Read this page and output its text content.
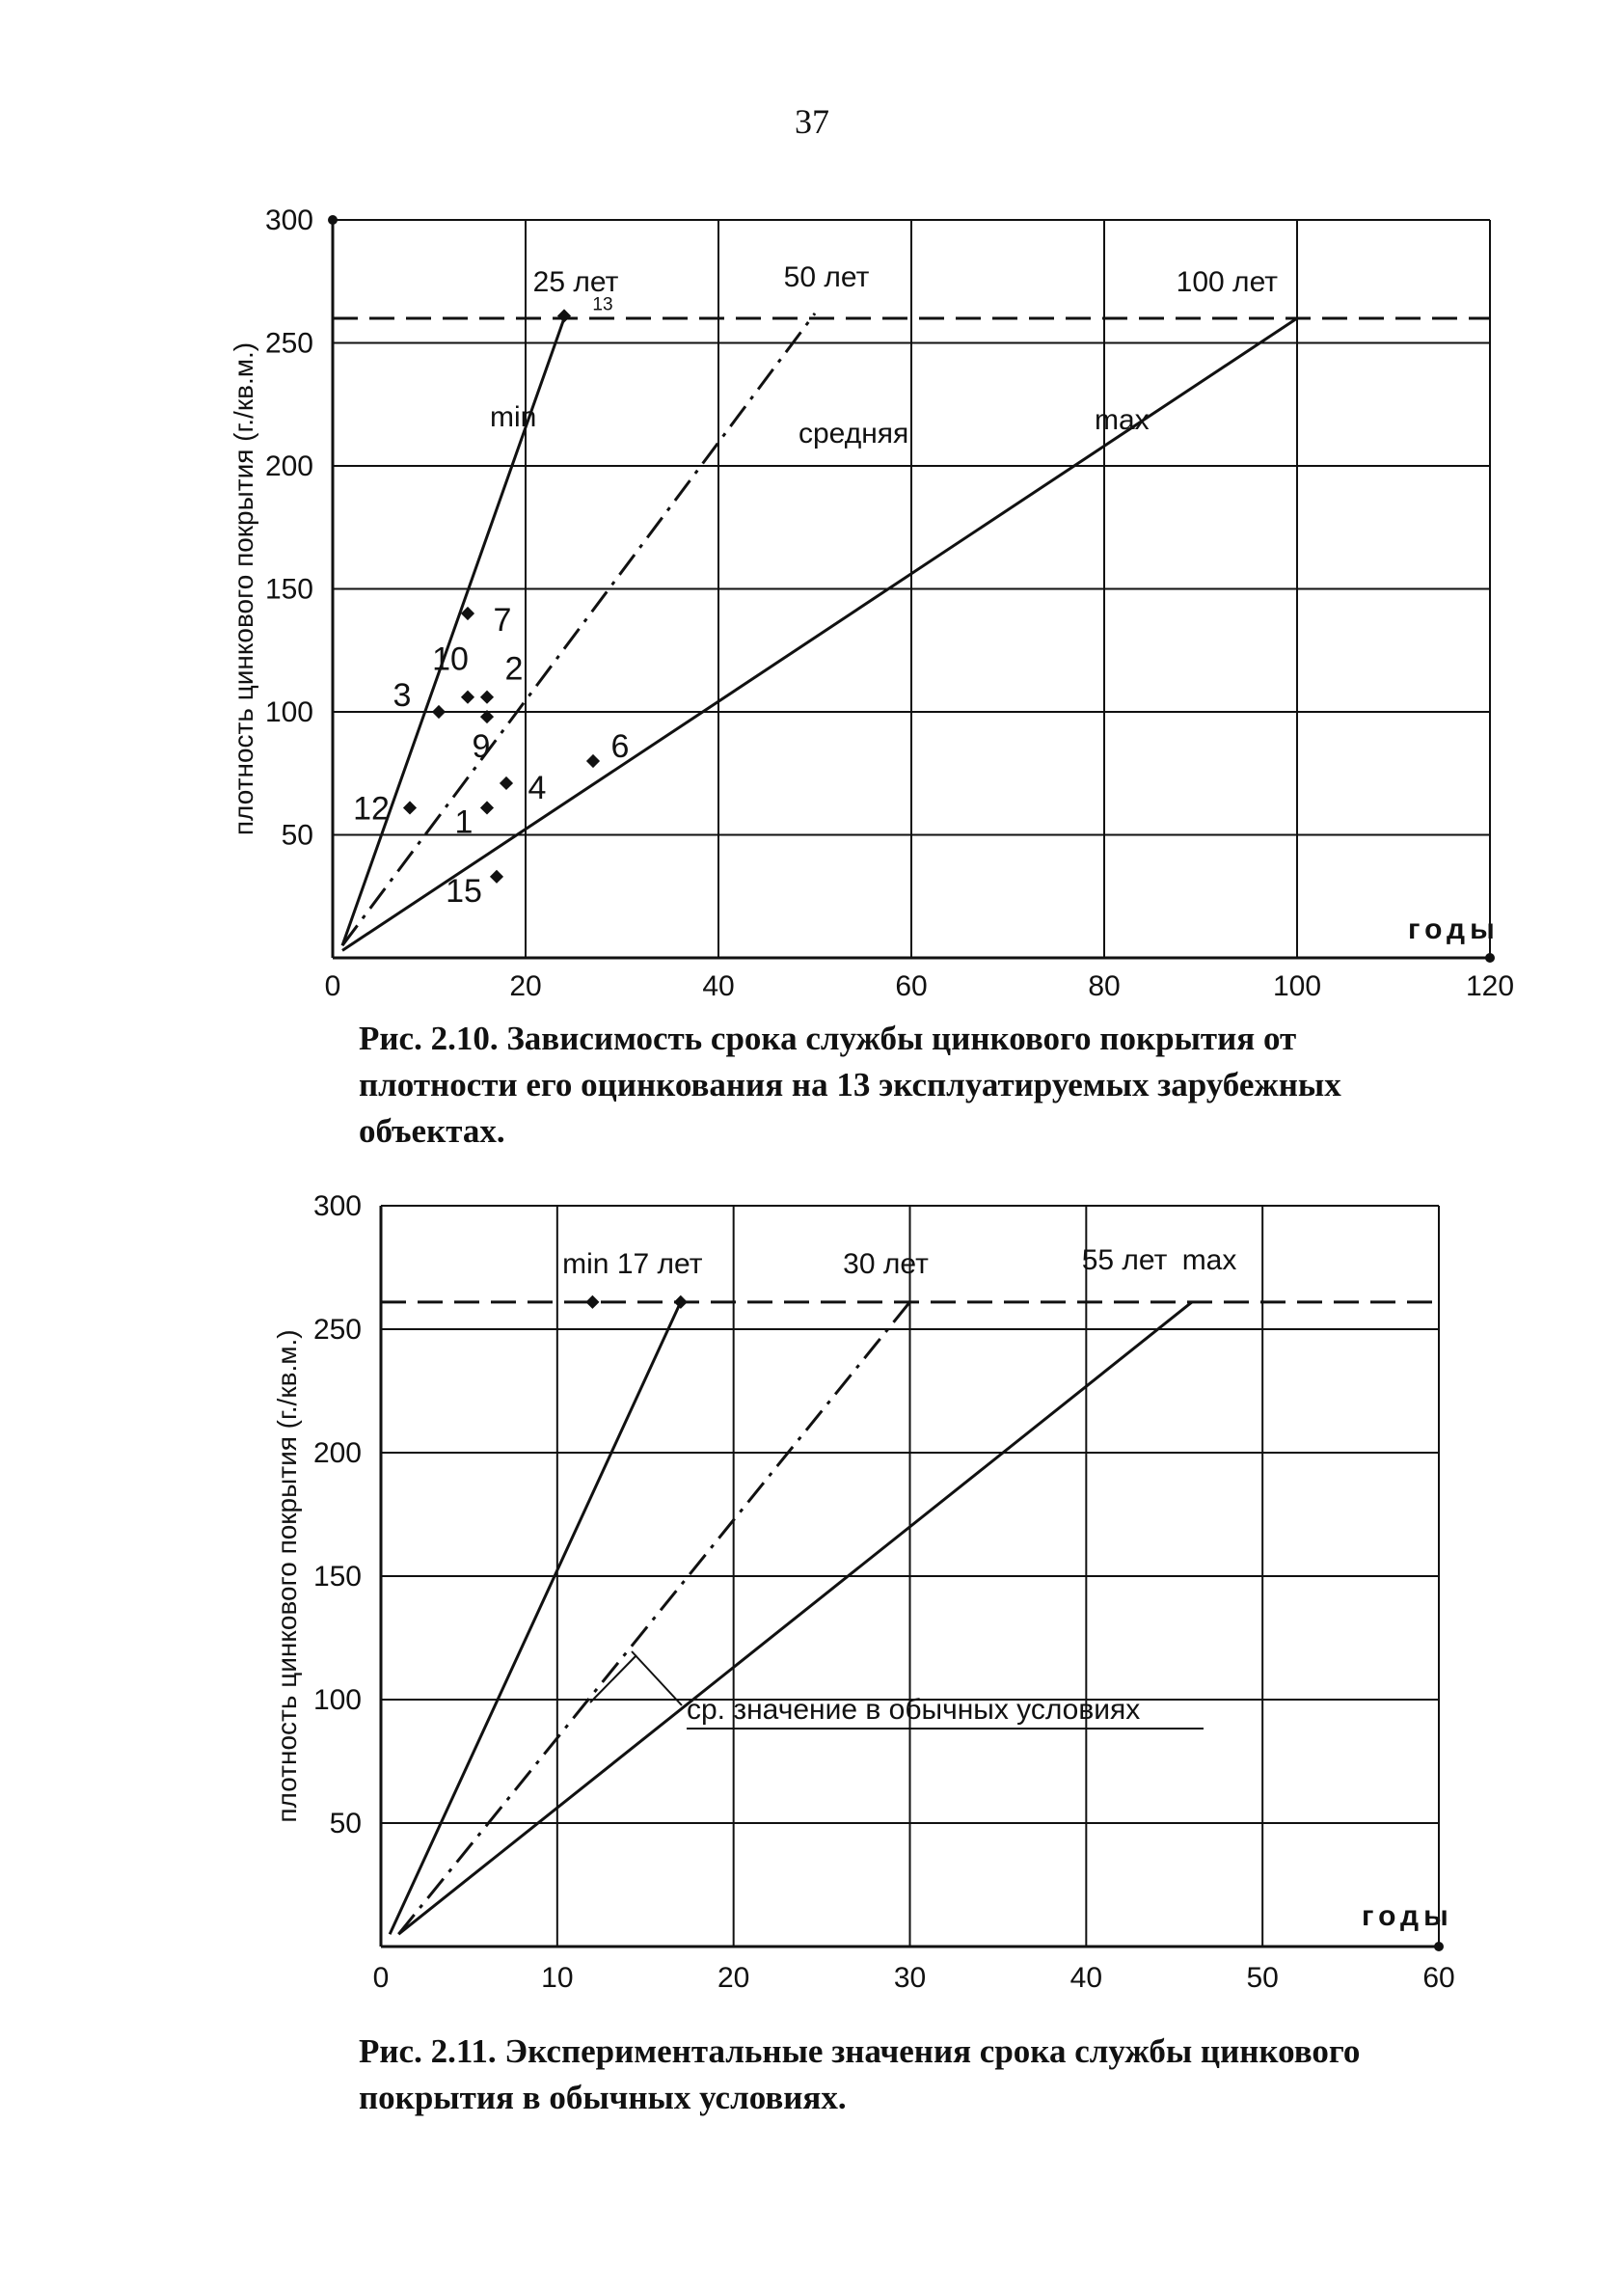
37
0	20	40	60	80	100	120
50
100
150
200
250
300
годы
плотность цинкового покрытия (г./кв.м.)	min
средняя	max
25 лет	50 лет	100 лет
13
7
10 2
3
9
4
6
1
12
15
Рис. 2.10. Зависимость срока службы цинкового покрытия от
плотности его оцинкования на 13 эксплуатируемых зарубежных
объектах.
0	10	20	30	40	50	60
50
100
150
200
250
300
годы
плотность цинкового покрытия (г./кв.м.)
min 17 лет	30 лет	55 лет max
ср. значение в обычных условиях
Рис. 2.11. Экспериментальные значения срока службы цинкового
покрытия в обычных условиях.
